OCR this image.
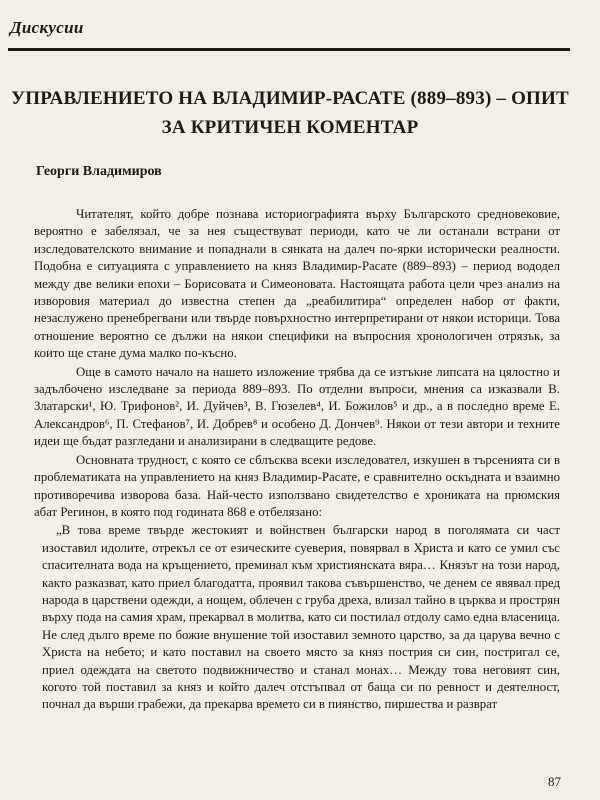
Дискусии
УПРАВЛЕНИЕТО НА ВЛАДИМИР-РАСАТЕ (889–893) – ОПИТ ЗА КРИТИЧЕН КОМЕНТАР
Георги Владимиров

Читателят, който добре познава историографията върху Българското средновековие, вероятно е забелязал, че за нея съществуват периоди, като че ли останали встрани от изследователското внимание и попаднали в сянката на далеч по-ярки исторически реалности. Подобна е ситуацията с управлението на княз Владимир-Расате (889–893) – период вододел между две велики епохи – Борисовата и Симеоновата. Настоящата работа цели чрез анализ на изворовия материал до известна степен да „реабилитира“ определен набор от факти, незаслужено пренебрегвани или твърде повърхностно интерпретирани от някои историци. Това отношение вероятно се дължи на някои специфики на въпросния хронологичен отрязък, за които ще стане дума малко по-късно.

Още в самото начало на нашето изложение трябва да се изтъкне липсата на цялостно и задълбочено изследване за периода 889–893. По отделни въпроси, мнения са изказвали В. Златарски¹, Ю. Трифонов², И. Дуйчев³, В. Гюзелев⁴, И. Божилов⁵ и др., а в последно време Е. Александров⁶, П. Стефанов⁷, И. Добрев⁸ и особено Д. Дончев⁹. Някои от тези автори и техните идеи ще бъдат разгледани и анализирани в следващите редове.

Основната трудност, с която се сблъсква всеки изследовател, изкушен в търсенията си в проблематиката на управлението на княз Владимир-Расате, е сравнително оскъдната и взаимно противоречива изворова база. Най-често използвано свидетелство е хрониката на прюмския абат Регинон, в която под годината 868 е отбелязано:

„В това време твърде жестокият и войнствен български народ в поголямата си част изоставил идолите, отрекъл се от езическите суеверия, повярвал в Христа и като се умил със спасителната вода на кръщението, преминал към християнската вяра… Князът на този народ, както разказват, като приел благодатта, проявил такова съвършенство, че денем се явявал пред народа в царствени одежди, а нощем, облечен с груба дреха, влизал тайно в църква и прострян върху пода на самия храм, прекарвал в молитва, като си постилал отдолу само една власеница. Не след дълго време по божие внушение той изоставил земното царство, за да царува вечно с Христа на небето; и като поставил на своето място за княз пострия си син, постригал се, приел одеждата на светото подвижничество и станал монах… Между това неговият син, когото той поставил за княз и който далеч отстъпвал от баща си по ревност и деятелност, почнал да върши грабежи, да прекарва времето си в пиянство, пиршества и разврат

87
